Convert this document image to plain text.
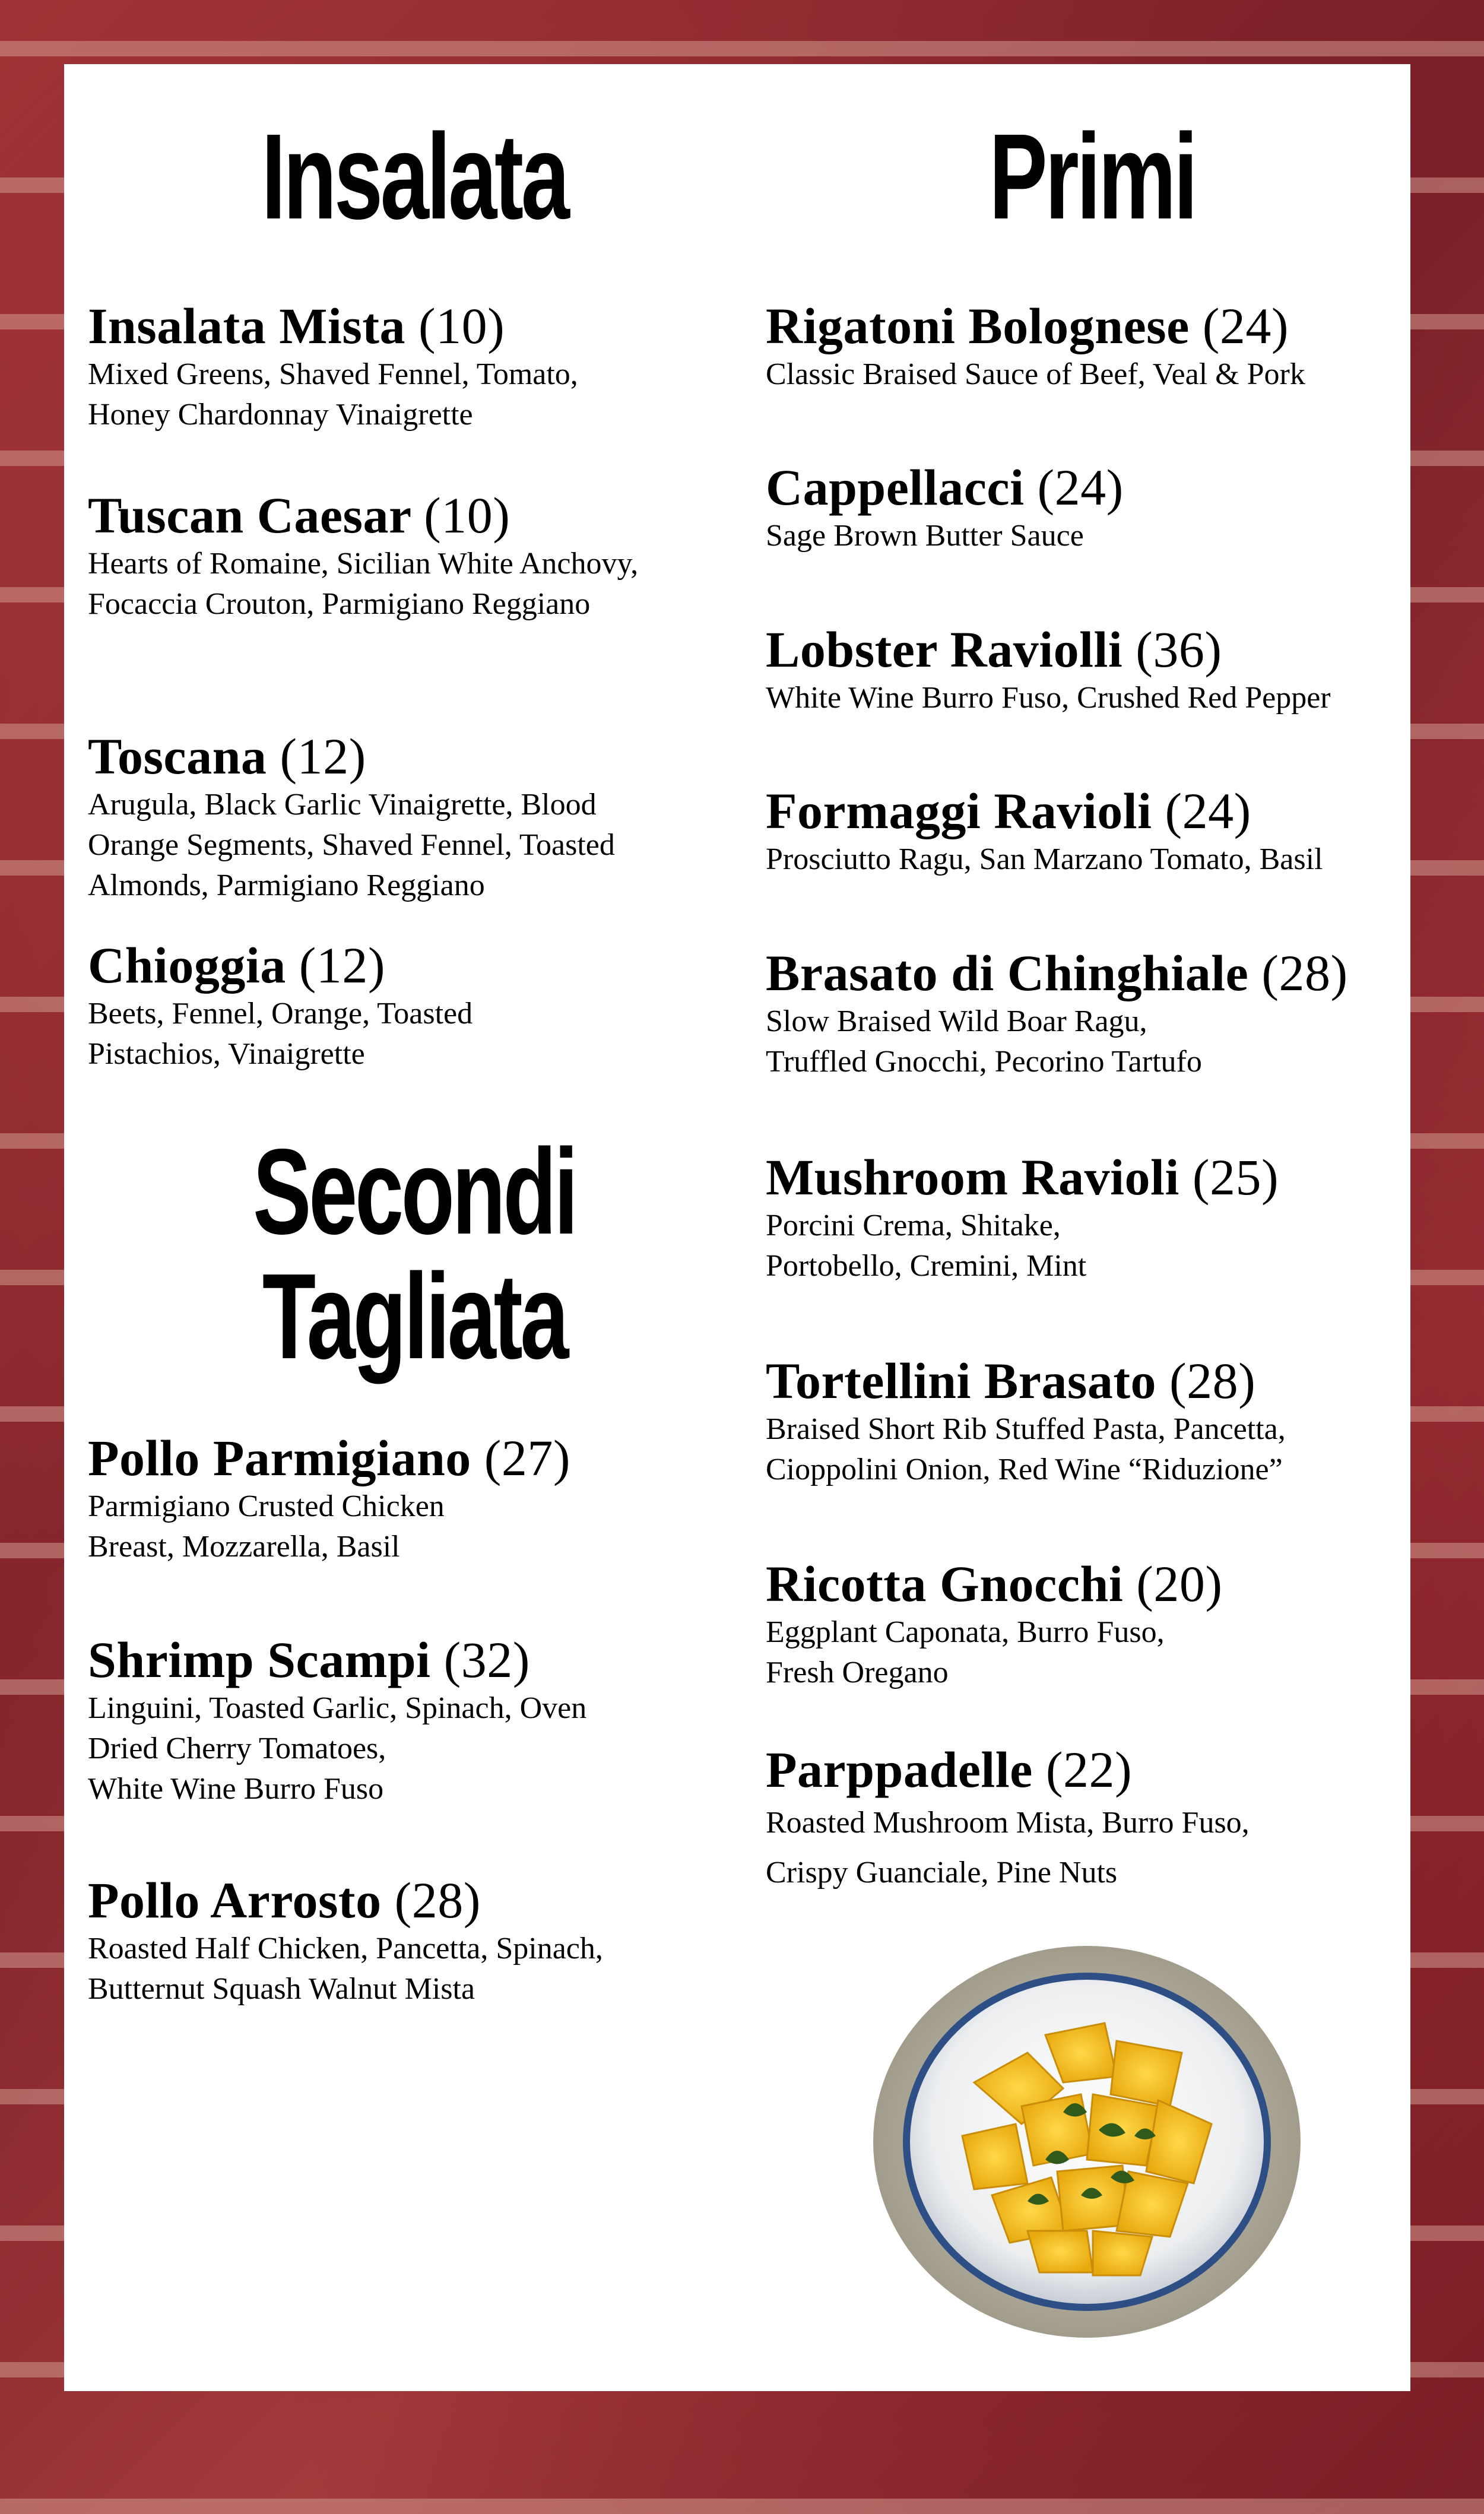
Insalata
Insalata Mista (10)
Mixed Greens, Shaved Fennel, Tomato,
Honey Chardonnay Vinaigrette
Tuscan Caesar (10)
Hearts of Romaine, Sicilian White Anchovy,
Focaccia Crouton, Parmigiano Reggiano
Toscana (12)
Arugula, Black Garlic Vinaigrette, Blood
Orange Segments, Shaved Fennel, Toasted
Almonds, Parmigiano Reggiano
Chioggia (12)
Beets, Fennel, Orange, Toasted
Pistachios, Vinaigrette
Secondi
Tagliata
Pollo Parmigiano (27)
Parmigiano Crusted Chicken
Breast, Mozzarella, Basil
Shrimp Scampi (32)
Linguini, Toasted Garlic, Spinach, Oven
Dried Cherry Tomatoes,
White Wine Burro Fuso
Pollo Arrosto (28)
Roasted Half Chicken, Pancetta, Spinach,
Butternut Squash Walnut Mista
Primi
Rigatoni Bolognese (24)
Classic Braised Sauce of Beef, Veal & Pork
Cappellacci (24)
Sage Brown Butter Sauce
Lobster Raviolli (36)
White Wine Burro Fuso, Crushed Red Pepper
Formaggi Ravioli (24)
Prosciutto Ragu, San Marzano Tomato, Basil
Brasato di Chinghiale (28)
Slow Braised Wild Boar Ragu,
Truffled Gnocchi, Pecorino Tartufo
Mushroom Ravioli (25)
Porcini Crema, Shitake,
Portobello, Cremini, Mint
Tortellini Brasato (28)
Braised Short Rib Stuffed Pasta, Pancetta,
Cioppolini Onion, Red Wine “Riduzione”
Ricotta Gnocchi (20)
Eggplant Caponata, Burro Fuso,
Fresh Oregano
Parppadelle (22)
Roasted Mushroom Mista, Burro Fuso,
Crispy Guanciale, Pine Nuts
